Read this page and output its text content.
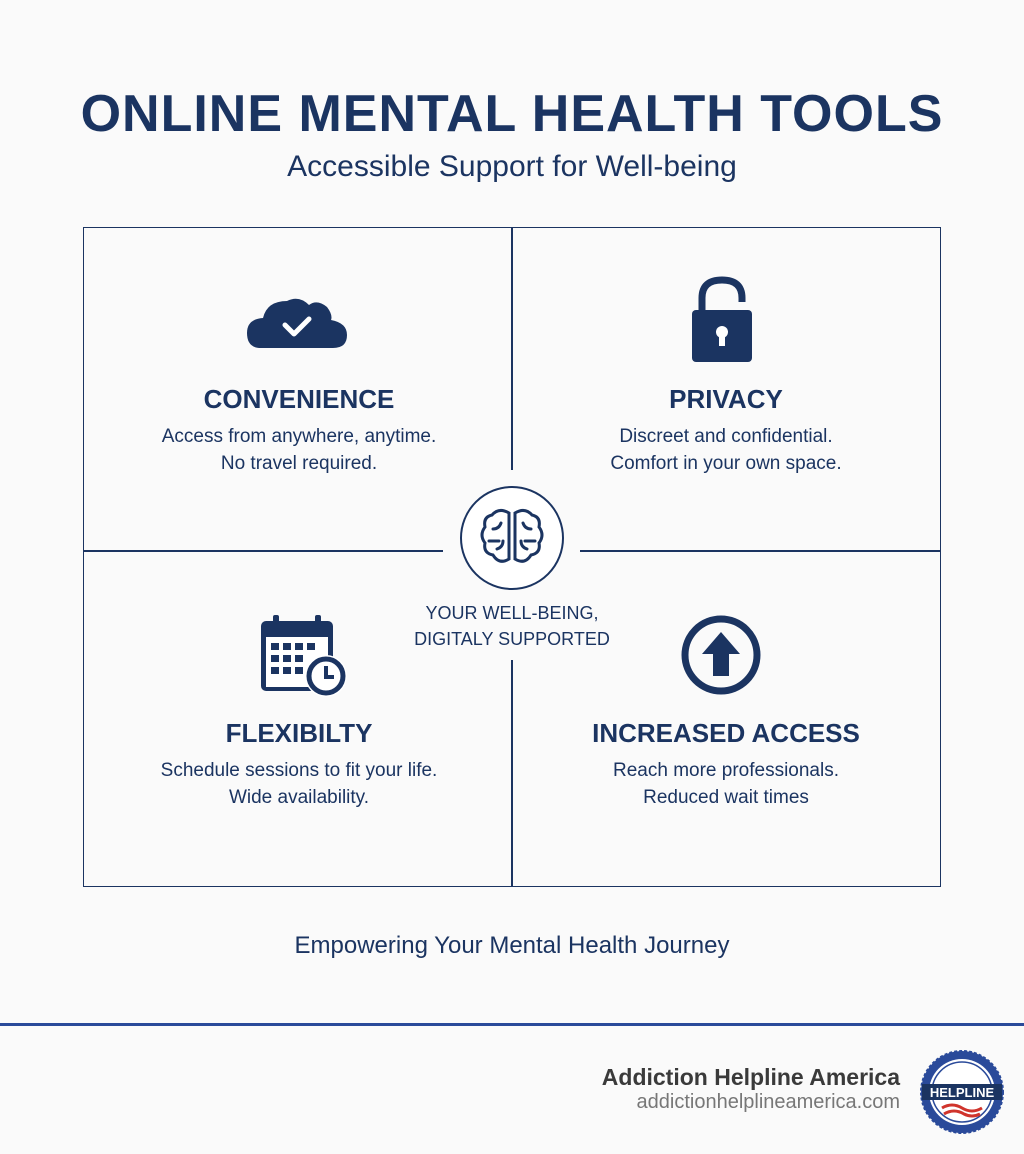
ONLINE MENTAL HEALTH TOOLS
Accessible Support for Well-being
CONVENIENCE

Access from anywhere, anytime.
No travel required.

PRIVACY

Discreet and confidential.
Comfort in your own space.

YOUR WELL-BEING,
DIGITALY SUPPORTED
FLEXIBILTY

Schedule sessions to fit your life.
Wide availability.

INCREASED ACCESS

Reach more professionals.
Reduced wait times

Empowering Your Mental Health Journey
Addiction Helpline America
addictionhelplineamerica.com HELPLINE
